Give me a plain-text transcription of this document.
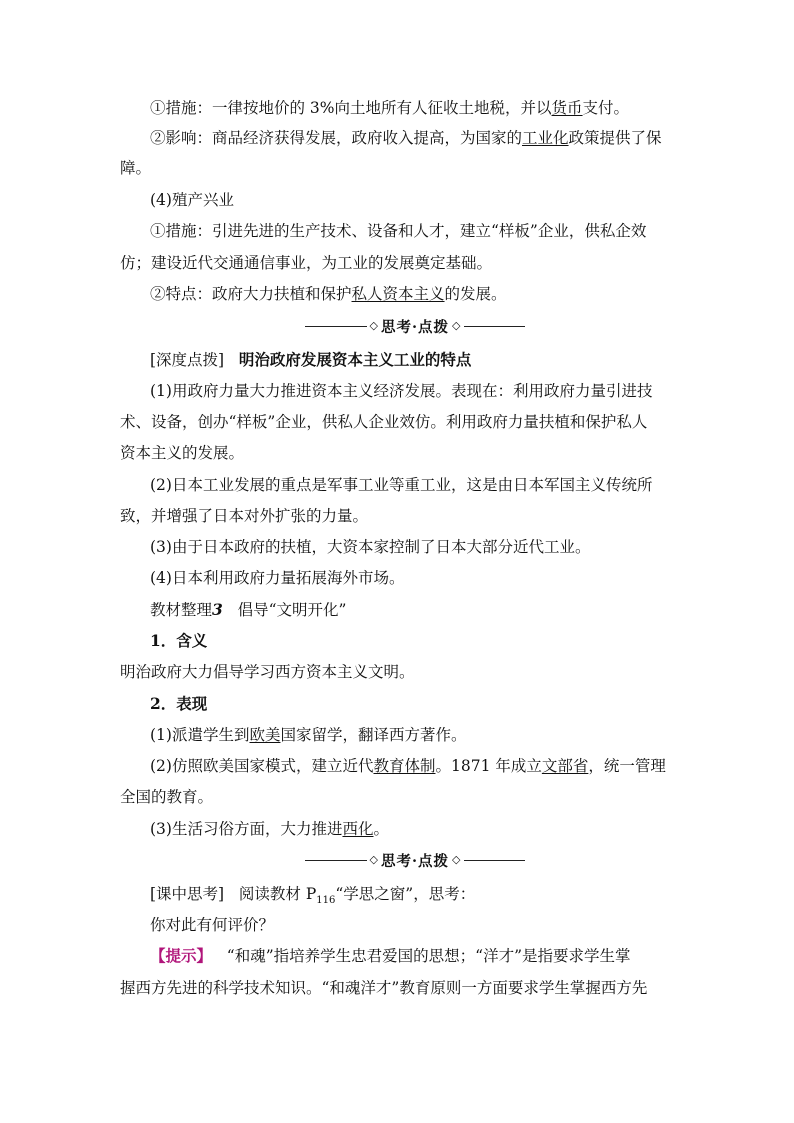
①措施：一律按地价的 3%向土地所有人征收土地税，并以货币支付。
②影响：商品经济获得发展，政府收入提高，为国家的工业化政策提供了保
障。
(4)殖产兴业
①措施：引进先进的生产技术、设备和人才，建立“样板”企业，供私企效
仿；建设近代交通通信事业，为工业的发展奠定基础。
②特点：政府大力扶植和保护私人资本主义的发展。
◇ 思考·点拨 ◇
[深度点拨] 明治政府发展资本主义工业的特点
(1)用政府力量大力推进资本主义经济发展。表现在：利用政府力量引进技
术、设备，创办“样板”企业，供私人企业效仿。利用政府力量扶植和保护私人
资本主义的发展。
(2)日本工业发展的重点是军事工业等重工业，这是由日本军国主义传统所
致，并增强了日本对外扩张的力量。
(3)由于日本政府的扶植，大资本家控制了日本大部分近代工业。
(4)日本利用政府力量拓展海外市场。
教材整理3 倡导“文明开化”
1．含义
明治政府大力倡导学习西方资本主义文明。
2．表现
(1)派遣学生到欧美国家留学，翻译西方著作。
(2)仿照欧美国家模式，建立近代教育体制。1871 年成立文部省，统一管理
全国的教育。
(3)生活习俗方面，大力推进西化。
◇ 思考·点拨 ◇
[课中思考] 阅读教材 $P_{116}“$学思之窗”，思考：
你对此有何评价？
【提示】 “和魂”指培养学生忠君爱国的思想；“洋才”是指要求学生掌
握西方先进的科学技术知识。“和魂洋才”教育原则一方面要求学生掌握西方先
